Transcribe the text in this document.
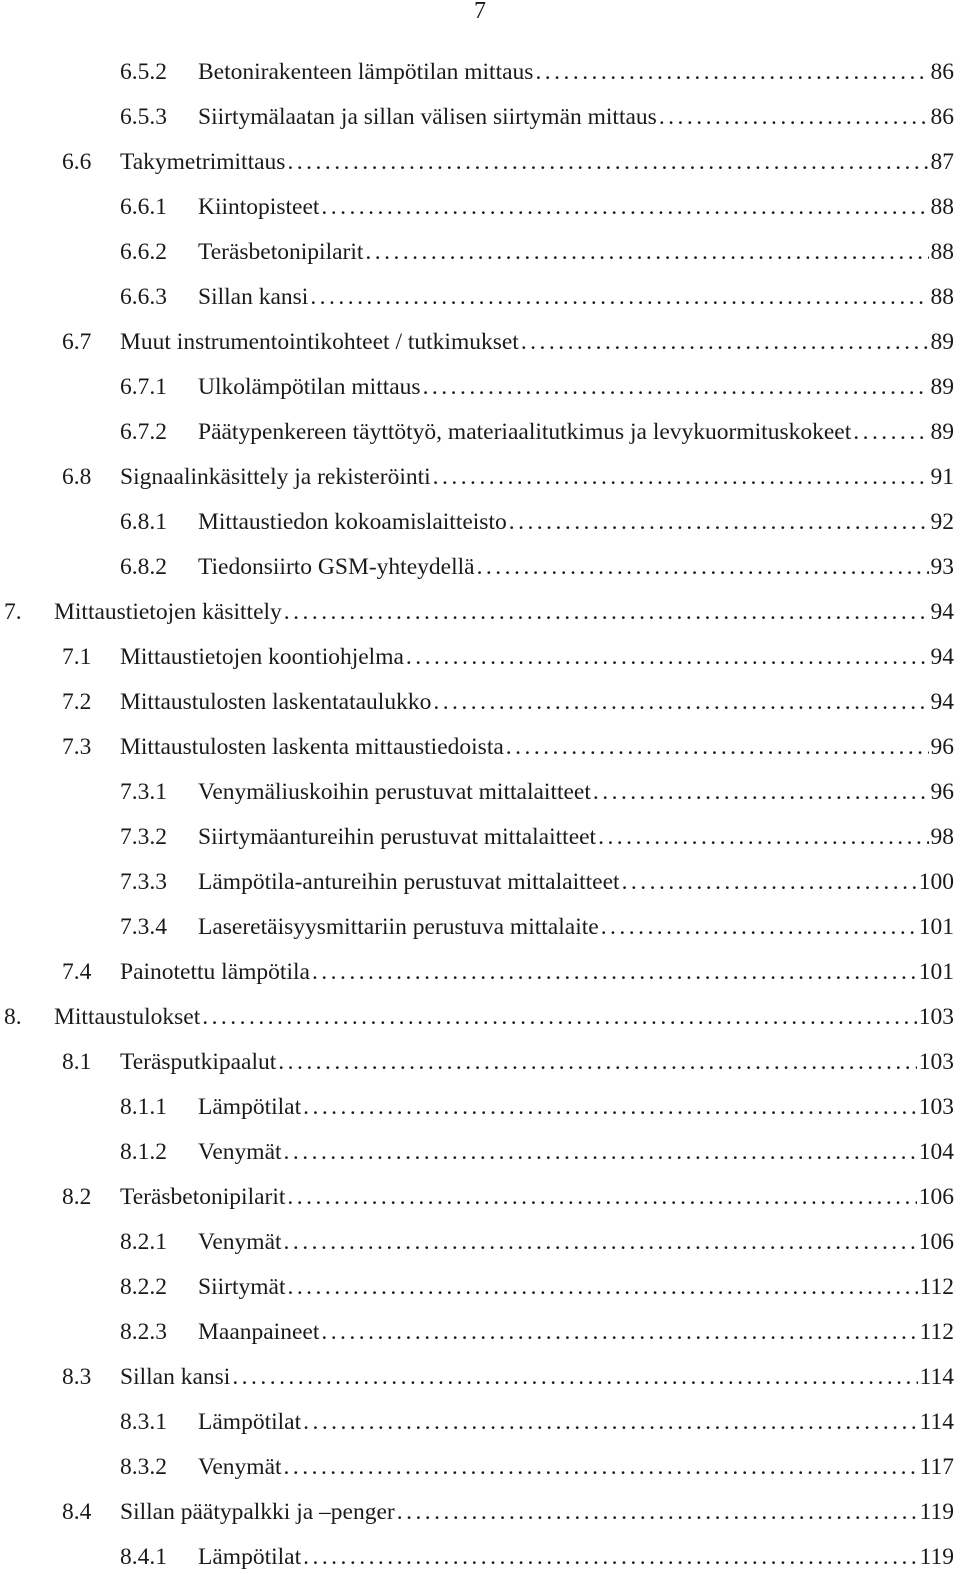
7
6.5.2 Betonirakenteen lämpötilan mittaus . . .	86
6.5.3 Siirtymälaatan ja sillan välisen siirtymän mittaus . . .	86
6.6 Takymetrimittaus . . .	87
6.6.1 Kiintopisteet . . .	88
6.6.2 Teräsbetonipilarit . . .	88
6.6.3 Sillan kansi . . .	88
6.7 Muut instrumentointikohteet / tutkimukset . . .	89
6.7.1 Ulkolämpötilan mittaus . . .	89
6.7.2 Päätypenkereen täyttötyö, materiaalitutkimus ja levykuormituskokeet . . .	89
6.8 Signaalinkäsittely ja rekisteröinti . . .	91
6.8.1 Mittaustiedon kokoamislaitteisto . . .	92
6.8.2 Tiedonsiirto GSM-yhteydellä . . .	93
7. Mittaustietojen käsittely . . .	94
7.1 Mittaustietojen koontiohjelma . . .	94
7.2 Mittaustulosten laskentataulukko . . .	94
7.3 Mittaustulosten laskenta mittaustiedoista . . .	96
7.3.1 Venymäliuskoihin perustuvat mittalaitteet . . .	96
7.3.2 Siirtymäantureihin perustuvat mittalaitteet . . .	98
7.3.3 Lämpötila-antureihin perustuvat mittalaitteet . . .	100
7.3.4 Laseretäisyysmittariin perustuva mittalaite . . .	101
7.4 Painotettu lämpötila . . .	101
8. Mittaustulokset . . .	103
8.1 Teräsputkipaalut . . .	103
8.1.1 Lämpötilat . . .	103
8.1.2 Venymät . . .	104
8.2 Teräsbetonipilarit . . .	106
8.2.1 Venymät . . .	106
8.2.2 Siirtymät . . .	112
8.2.3 Maanpaineet . . .	112
8.3 Sillan kansi . . .	114
8.3.1 Lämpötilat . . .	114
8.3.2 Venymät . . .	117
8.4 Sillan päätypalkki ja –penger . . .	119
8.4.1 Lämpötilat . . .	119
